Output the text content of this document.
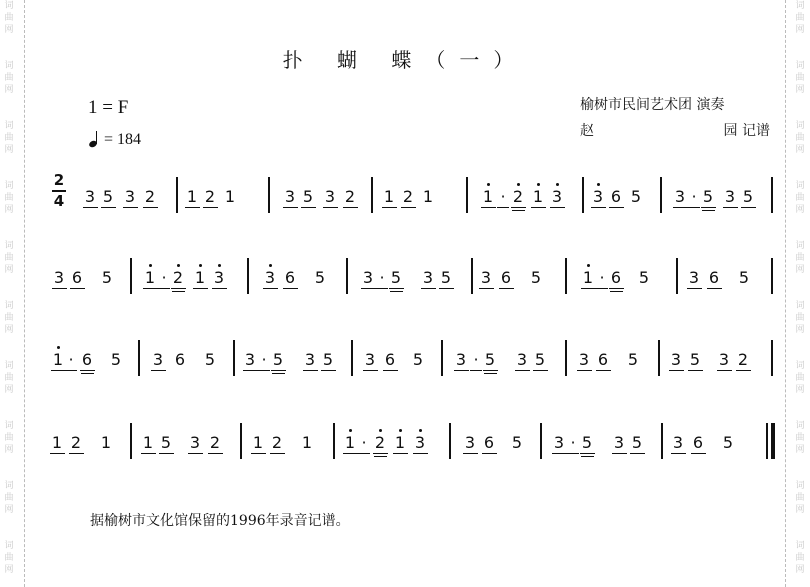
词
曲
网
词
曲
网
词
曲
网
词
曲
网
词
曲
网
词
曲
网
词
曲
网
词
曲
网
词
曲
网
词
曲
网
词
曲
网
词
曲
网
词
曲
网
词
曲
网
词
曲
网
词
曲
网
词
曲
网
词
曲
网
词
曲
网
词
曲
网
扑 蝴 蝶（一）
1 = F
= 184
榆树市民间艺术团 演奏
赵	园 记谱
2
4 3 5 3 2 1 2 1	3 5 3 2 1 2 1	1 · 2 1 3 3 6 5 3 · 5 3 5
3 6 5 1 · 2 1 3	3 6 5 3 · 5 3 5 3 6 5	1 · 6 5 3 6 5
1 · 6 5 3 6 5 3 · 5 3 5 3 6 5 3 · 5 3 5 3 6 5 3 5 3 2
1 2 1 1 5 3 2 1 2 1 1 · 2 1 3 3 6 5 3 · 5 3 5 3 6 5
据榆树市文化馆保留的1996年录音记谱。
